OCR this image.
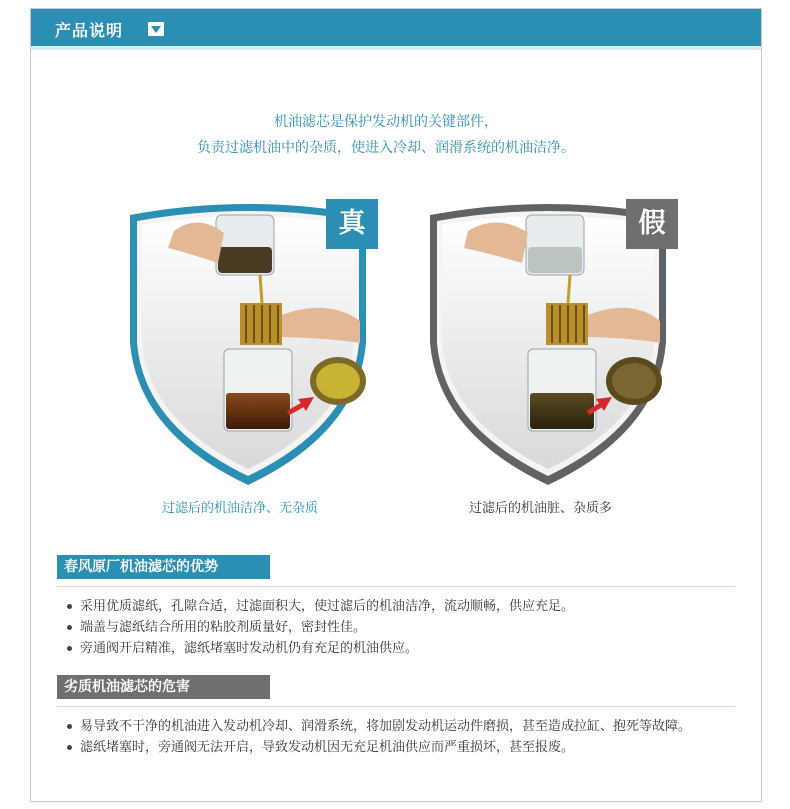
产品说明
机油滤芯是保护发动机的关键部件，
负责过滤机油中的杂质，使进入冷却、润滑系统的机油洁净。
真	假
过滤后的机油洁净、无杂质	过滤后的机油脏、杂质多
春风原厂机油滤芯的优势
采用优质滤纸，孔隙合适，过滤面积大，使过滤后的机油洁净，流动顺畅，供应充足。
端盖与滤纸结合所用的粘胶剂质量好，密封性佳。
旁通阀开启精准，滤纸堵塞时发动机仍有充足的机油供应。
劣质机油滤芯的危害
易导致不干净的机油进入发动机冷却、润滑系统，将加剧发动机运动件磨损，甚至造成拉缸、抱死等故障。
滤纸堵塞时，旁通阀无法开启，导致发动机因无充足机油供应而严重损坏，甚至报废。
